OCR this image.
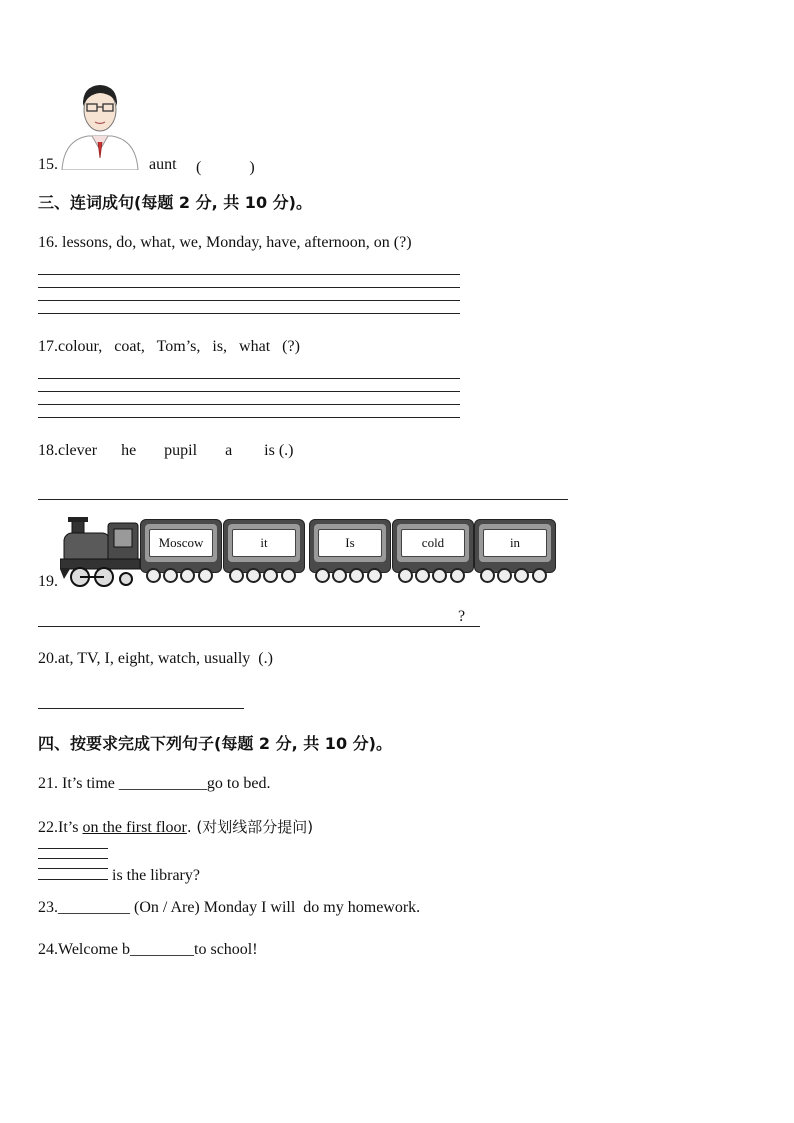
15.	aunt (　　　)
三、连词成句(每题 2 分, 共 10 分)。
16. lessons, do, what, we, Monday, have, afternoon, on (?)
17.colour,   coat,   Tom’s,   is,   what   (?)
18.clever      he       pupil       a        is (.)
19.
Moscow	it	Is	cold	in
?
20.at, TV, I, eight, watch, usually  (.)
四、按要求完成下列句子(每题 2 分, 共 10 分)。
21. It’s time ___________go to bed.
22.It’s on the first floor. (对划线部分提问)
is the library?
23._________ (On / Are) Monday I will  do my homework.
24.Welcome b________to school!
